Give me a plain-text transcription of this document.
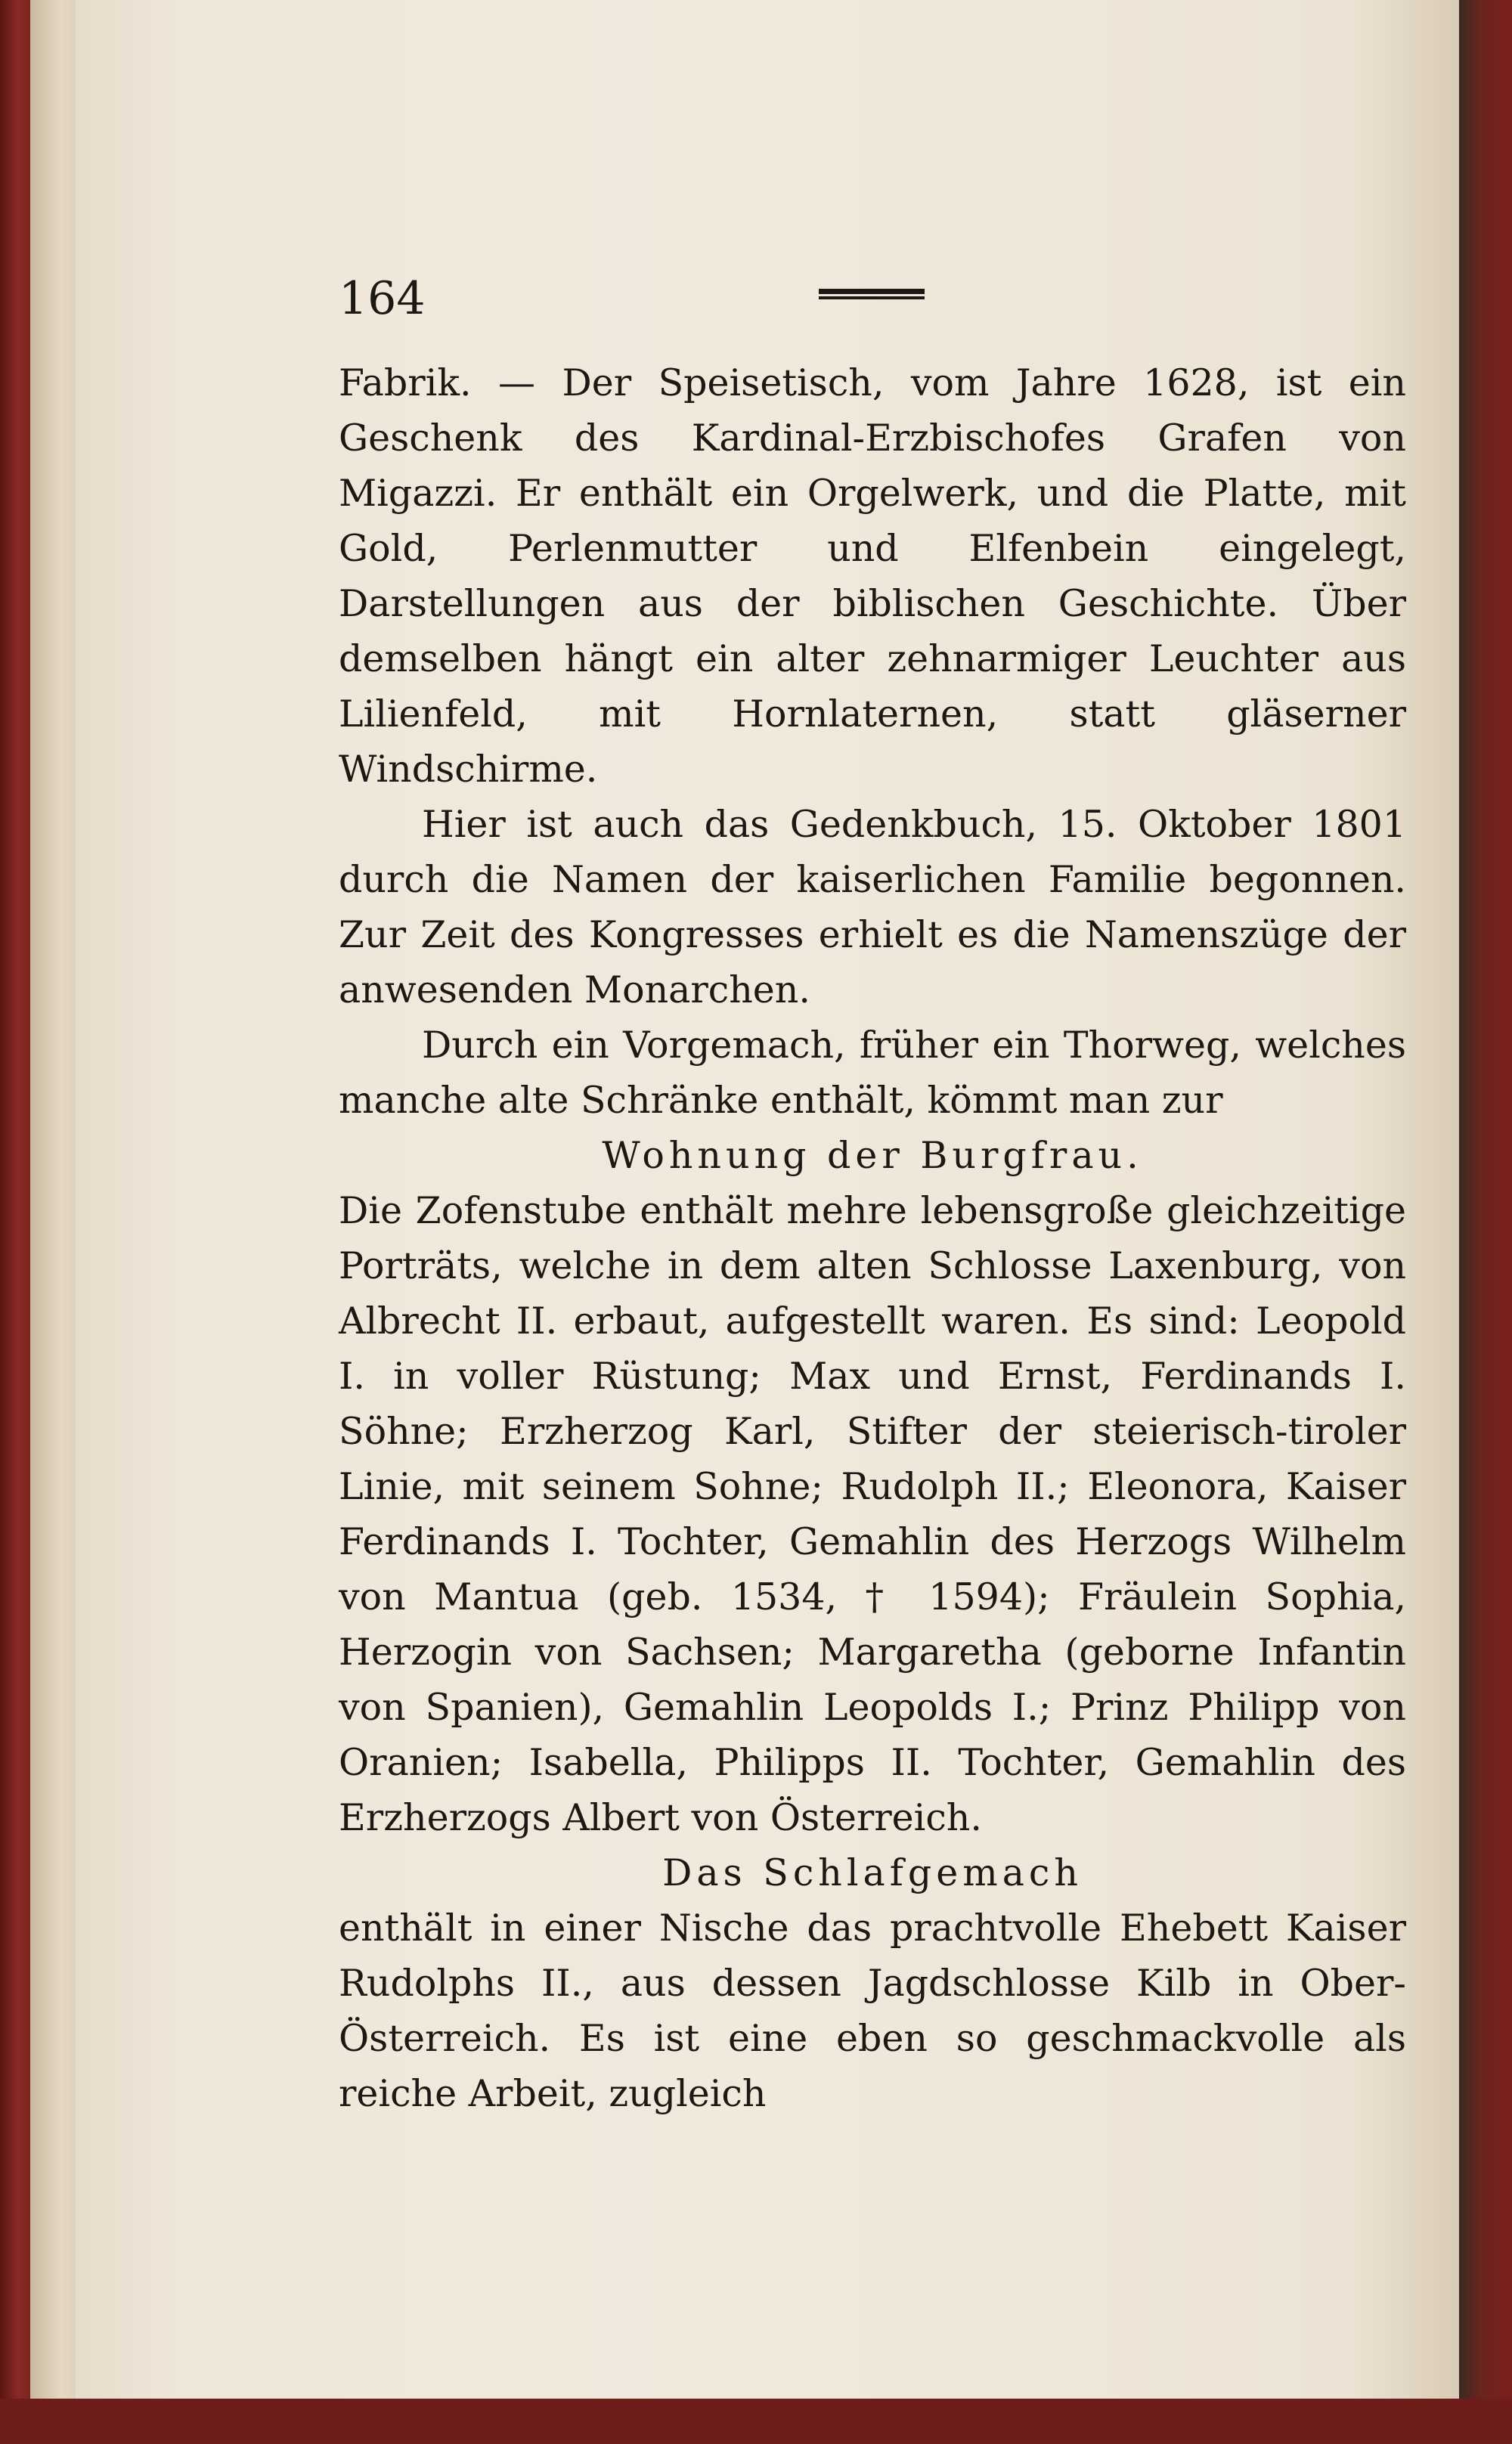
164

Fabrik. — Der Speisetisch, vom Jahre 1628, ist ein Geschenk des Kardinal-Erzbischofes Grafen von Migazzi. Er enthält ein Orgelwerk, und die Platte, mit Gold, Perlenmutter und Elfenbein eingelegt, Darstellungen aus der biblischen Geschichte. Über demselben hängt ein alter zehnarmiger Leuchter aus Lilienfeld, mit Hornlaternen, statt gläserner Windschirme.

Hier ist auch das Gedenkbuch, 15. Oktober 1801 durch die Namen der kaiserlichen Familie begonnen. Zur Zeit des Kongresses erhielt es die Namenszüge der anwesenden Monarchen.

Durch ein Vorgemach, früher ein Thorweg, welches manche alte Schränke enthält, kömmt man zur

Wohnung der Burgfrau.

Die Zofenstube enthält mehre lebensgroße gleichzeitige Porträts, welche in dem alten Schlosse Laxenburg, von Albrecht II. erbaut, aufgestellt waren. Es sind: Leopold I. in voller Rüstung; Max und Ernst, Ferdinands I. Söhne; Erzherzog Karl, Stifter der steierisch-tiroler Linie, mit seinem Sohne; Rudolph II.; Eleonora, Kaiser Ferdinands I. Tochter, Gemahlin des Herzogs Wilhelm von Mantua (geb. 1534, † 1594); Fräulein Sophia, Herzogin von Sachsen; Margaretha (geborne Infantin von Spanien), Gemahlin Leopolds I.; Prinz Philipp von Oranien; Isabella, Philipps II. Tochter, Gemahlin des Erzherzogs Albert von Österreich.

Das Schlafgemach

enthält in einer Nische das prachtvolle Ehebett Kaiser Rudolphs II., aus dessen Jagdschlosse Kilb in Ober-Österreich. Es ist eine eben so geschmackvolle als reiche Arbeit, zugleich
